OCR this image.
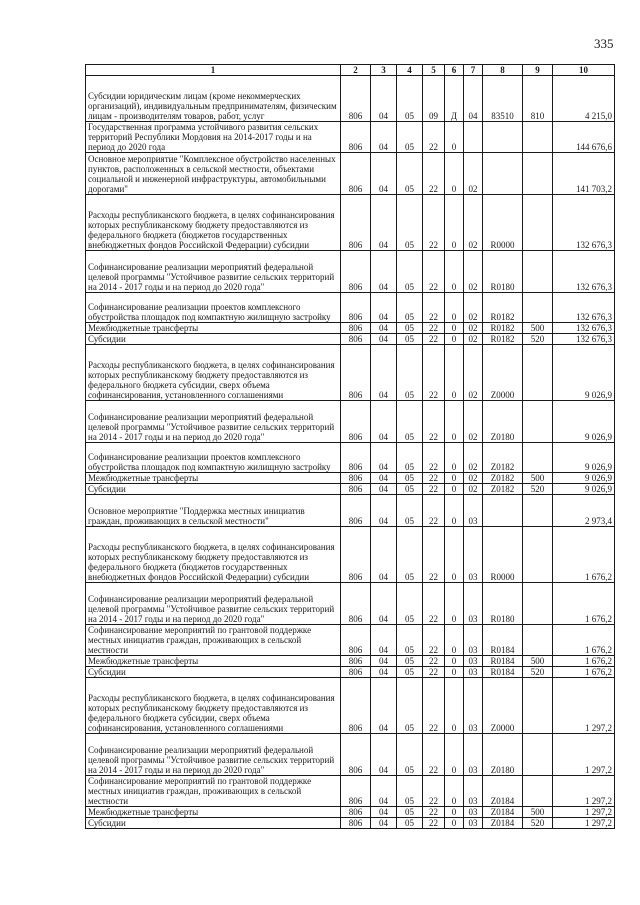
335
1	2	3	4	5	6	7	8	9	10
Субсидии юридическим лицам (кроме некоммерческих организаций), индивидуальным предпринимателям, физическим лицам - производителям товаров, работ, услуг	806	04	05	09	Д	04	83510	810	4 215,0
Государственная программа устойчивого развития сельских территорий Республики Мордовия на 2014-2017 годы и на период до 2020 года	806	04	05	22	0				144 676,6
Основное мероприятие "Комплексное обустройство населенных пунктов, расположенных в сельской местности, объектами социальной и инженерной инфраструктуры, автомобильными дорогами"	806	04	05	22	0	02			141 703,2
Расходы республиканского бюджета, в целях софинансирования которых республиканскому бюджету предоставляются из федерального бюджета (бюджетов государственных внебюджетных фондов Российской Федерации) субсидии	806	04	05	22	0	02	R0000		132 676,3
Софинансирование реализации мероприятий федеральной целевой программы "Устойчивое развитие сельских территорий на 2014 - 2017 годы и на период до 2020 года"	806	04	05	22	0	02	R0180		132 676,3
Софинансирование реализации проектов комплексного обустройства площадок под компактную жилищную застройку	806	04	05	22	0	02	R0182		132 676,3
Межбюджетные трансферты	806	04	05	22	0	02	R0182	500	132 676,3
Субсидии	806	04	05	22	0	02	R0182	520	132 676,3
Расходы республиканского бюджета, в целях софинансирования которых республиканскому бюджету предоставляются из федерального бюджета субсидии, сверх объема софинансирования, установленного соглашениями	806	04	05	22	0	02	Z0000		9 026,9
Софинансирование реализации мероприятий федеральной целевой программы "Устойчивое развитие сельских территорий на 2014 - 2017 годы и на период до 2020 года"	806	04	05	22	0	02	Z0180		9 026,9
Софинансирование реализации проектов комплексного обустройства площадок под компактную жилищную застройку	806	04	05	22	0	02	Z0182		9 026,9
Межбюджетные трансферты	806	04	05	22	0	02	Z0182	500	9 026,9
Субсидии	806	04	05	22	0	02	Z0182	520	9 026,9
Основное мероприятие "Поддержка местных инициатив граждан, проживающих в сельской местности"	806	04	05	22	0	03			2 973,4
Расходы республиканского бюджета, в целях софинансирования которых республиканскому бюджету предоставляются из федерального бюджета (бюджетов государственных внебюджетных фондов Российской Федерации) субсидии	806	04	05	22	0	03	R0000		1 676,2
Софинансирование реализации мероприятий федеральной целевой программы "Устойчивое развитие сельских территорий на 2014 - 2017 годы и на период до 2020 года"	806	04	05	22	0	03	R0180		1 676,2
Софинансирование мероприятий по грантовой поддержке местных инициатив граждан, проживающих в сельской местности	806	04	05	22	0	03	R0184		1 676,2
Межбюджетные трансферты	806	04	05	22	0	03	R0184	500	1 676,2
Субсидии	806	04	05	22	0	03	R0184	520	1 676,2
Расходы республиканского бюджета, в целях софинансирования которых республиканскому бюджету предоставляются из федерального бюджета субсидии, сверх объема софинансирования, установленного соглашениями	806	04	05	22	0	03	Z0000		1 297,2
Софинансирование реализации мероприятий федеральной целевой программы "Устойчивое развитие сельских территорий на 2014 - 2017 годы и на период до 2020 года"	806	04	05	22	0	03	Z0180		1 297,2
Софинансирование мероприятий по грантовой поддержке местных инициатив граждан, проживающих в сельской местности	806	04	05	22	0	03	Z0184		1 297,2
Межбюджетные трансферты	806	04	05	22	0	03	Z0184	500	1 297,2
Субсидии	806	04	05	22	0	03	Z0184	520	1 297,2
